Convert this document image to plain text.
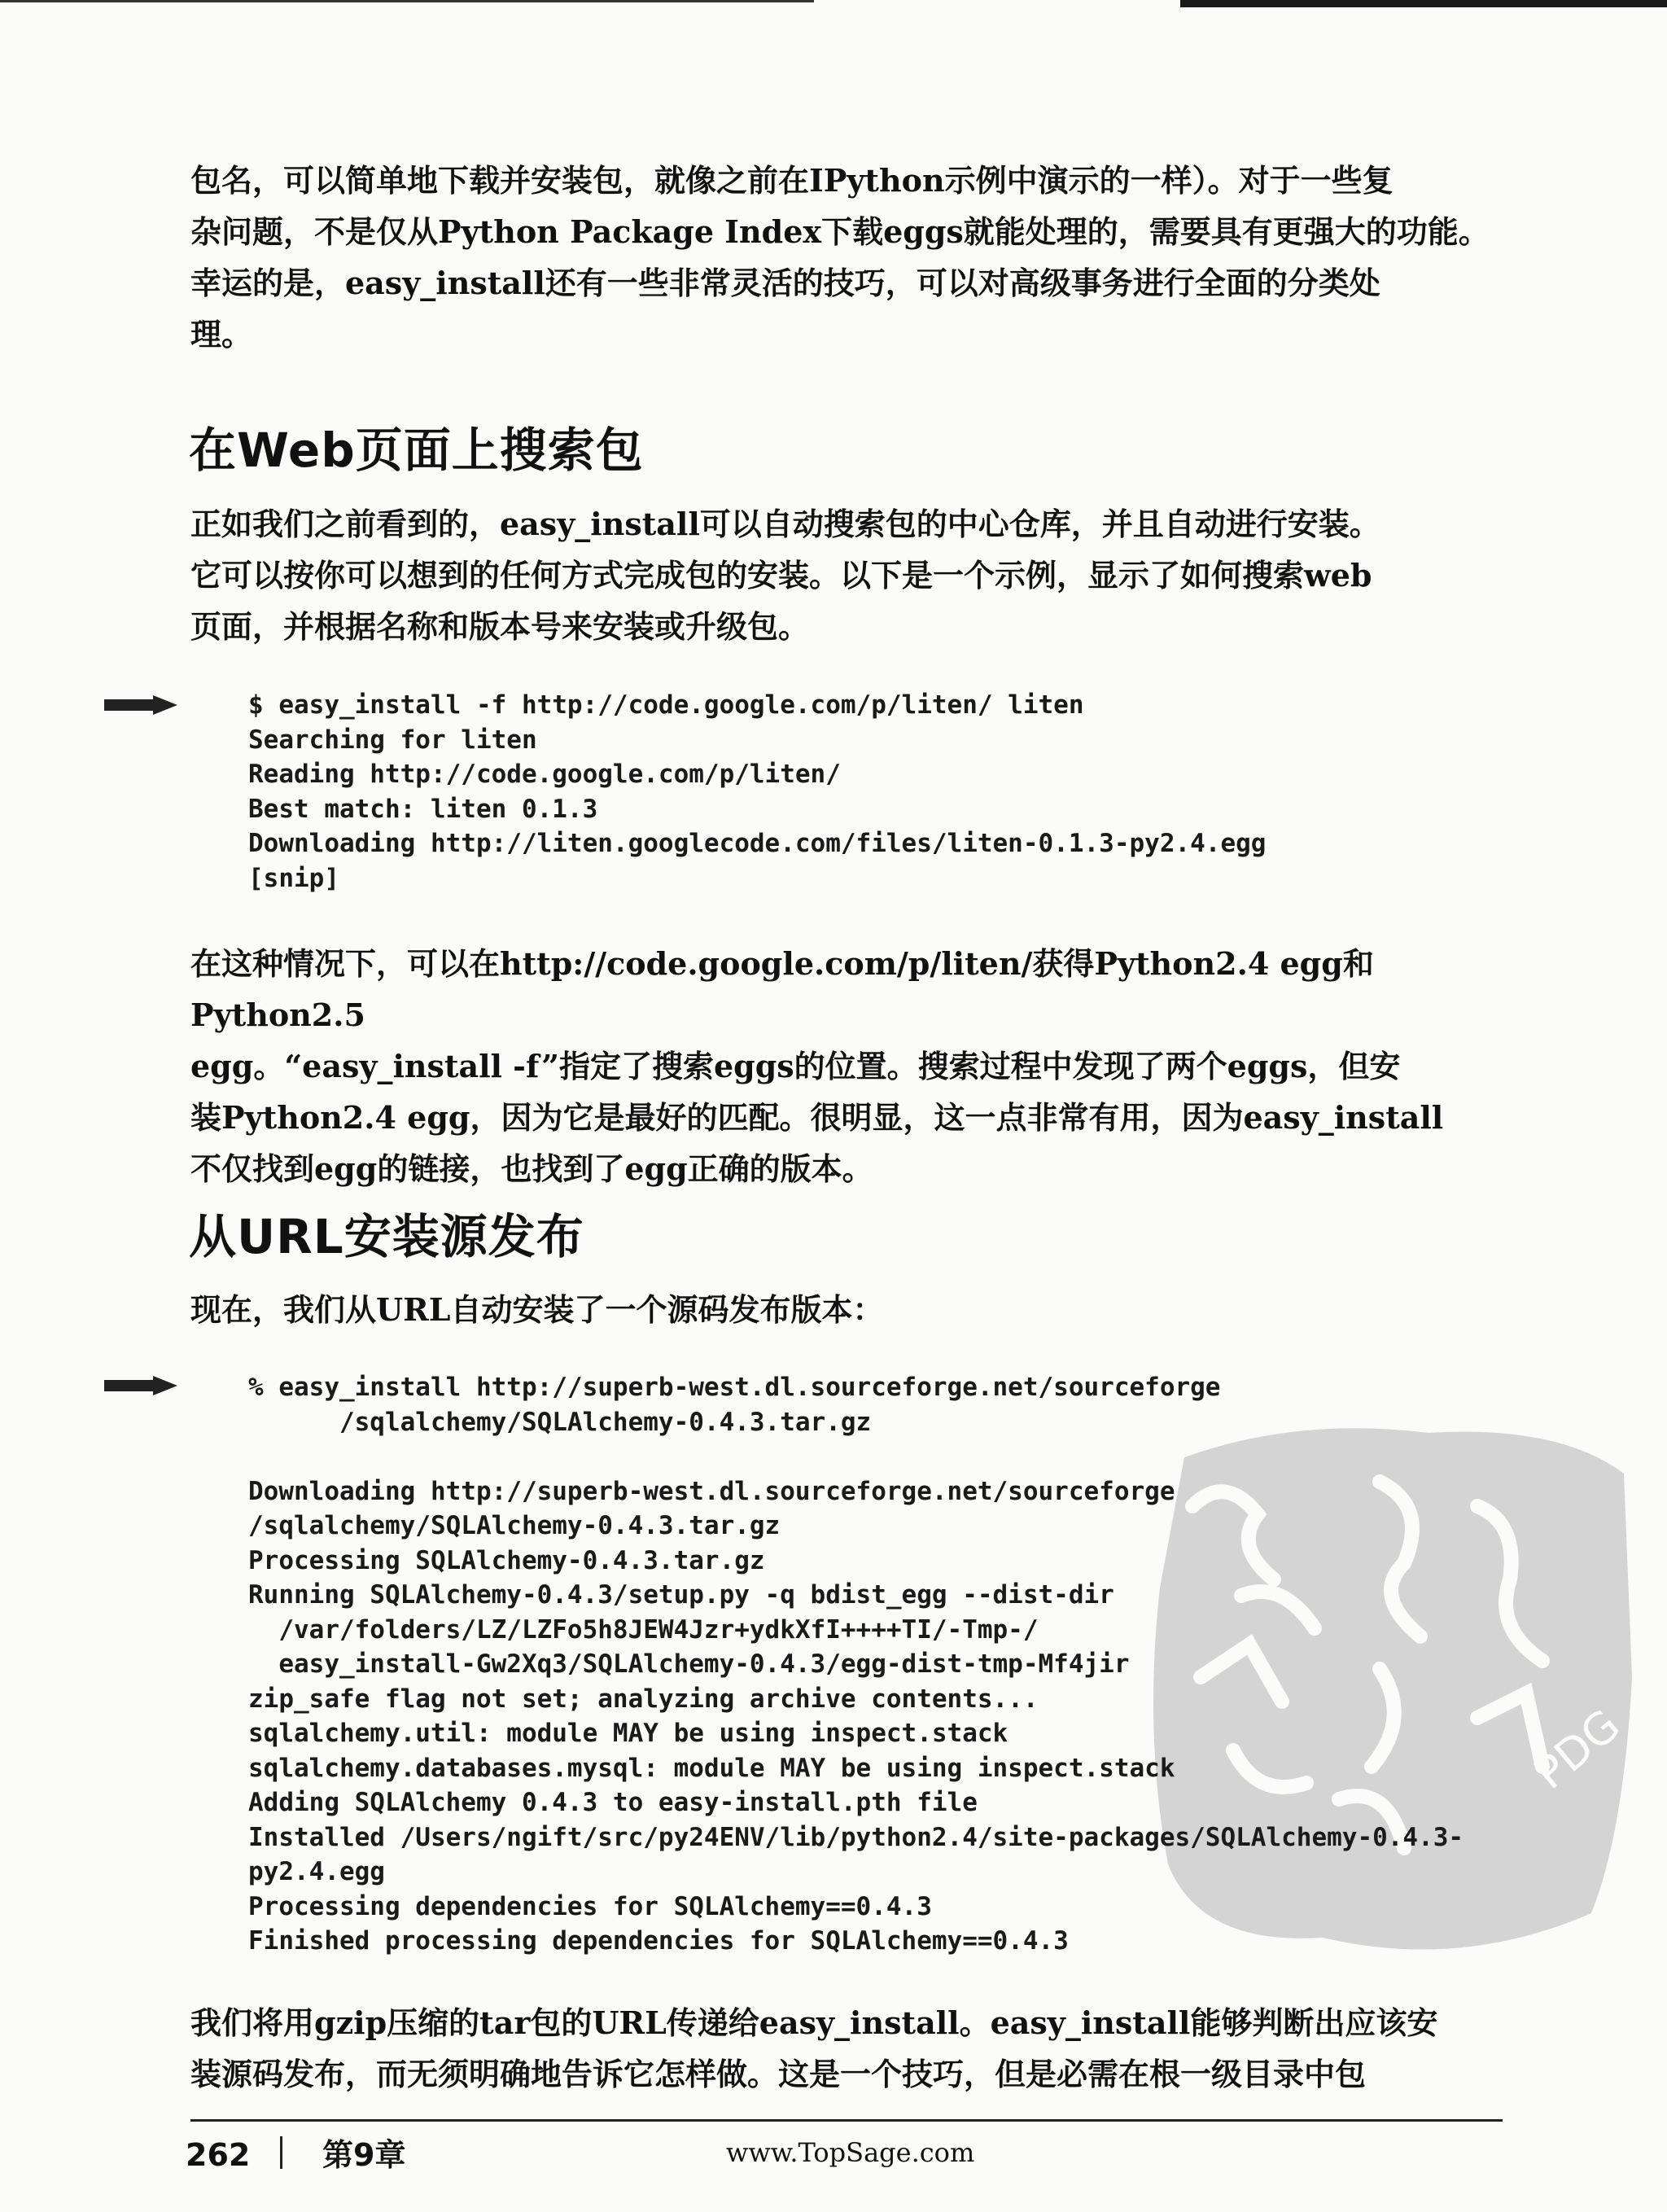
包名，可以简单地下载并安装包，就像之前在IPython示例中演示的一样）。对于一些复
杂问题，不是仅从Python Package Index下载eggs就能处理的，需要具有更强大的功能。
幸运的是，easy_install还有一些非常灵活的技巧，可以对高级事务进行全面的分类处
理。
在Web页面上搜索包
正如我们之前看到的，easy_install可以自动搜索包的中心仓库，并且自动进行安装。
它可以按你可以想到的任何方式完成包的安装。以下是一个示例，显示了如何搜索web
页面，并根据名称和版本号来安装或升级包。
$ easy_install -f http://code.google.com/p/liten/ liten
Searching for liten
Reading http://code.google.com/p/liten/
Best match: liten 0.1.3
Downloading http://liten.googlecode.com/files/liten-0.1.3-py2.4.egg
[snip]
在这种情况下，可以在http://code.google.com/p/liten/获得Python2.4 egg和Python2.5
egg。“easy_install -f”指定了搜索eggs的位置。搜索过程中发现了两个eggs，但安
装Python2.4 egg，因为它是最好的匹配。很明显，这一点非常有用，因为easy_install
不仅找到egg的链接，也找到了egg正确的版本。
从URL安装源发布
现在，我们从URL自动安装了一个源码发布版本：
PDG
% easy_install http://superb-west.dl.sourceforge.net/sourceforge
/sqlalchemy/SQLAlchemy-0.4.3.tar.gz

Downloading http://superb-west.dl.sourceforge.net/sourceforge
/sqlalchemy/SQLAlchemy-0.4.3.tar.gz
Processing SQLAlchemy-0.4.3.tar.gz
Running SQLAlchemy-0.4.3/setup.py -q bdist_egg --dist-dir
/var/folders/LZ/LZFo5h8JEW4Jzr+ydkXfI++++TI/-Tmp-/
easy_install-Gw2Xq3/SQLAlchemy-0.4.3/egg-dist-tmp-Mf4jir
zip_safe flag not set; analyzing archive contents...
sqlalchemy.util: module MAY be using inspect.stack
sqlalchemy.databases.mysql: module MAY be using inspect.stack
Adding SQLAlchemy 0.4.3 to easy-install.pth file
Installed /Users/ngift/src/py24ENV/lib/python2.4/site-packages/SQLAlchemy-0.4.3-
py2.4.egg
Processing dependencies for SQLAlchemy==0.4.3
Finished processing dependencies for SQLAlchemy==0.4.3
我们将用gzip压缩的tar包的URL传递给easy_install。easy_install能够判断出应该安
装源码发布，而无须明确地告诉它怎样做。这是一个技巧，但是必需在根一级目录中包
262 第9章	www.TopSage.com
